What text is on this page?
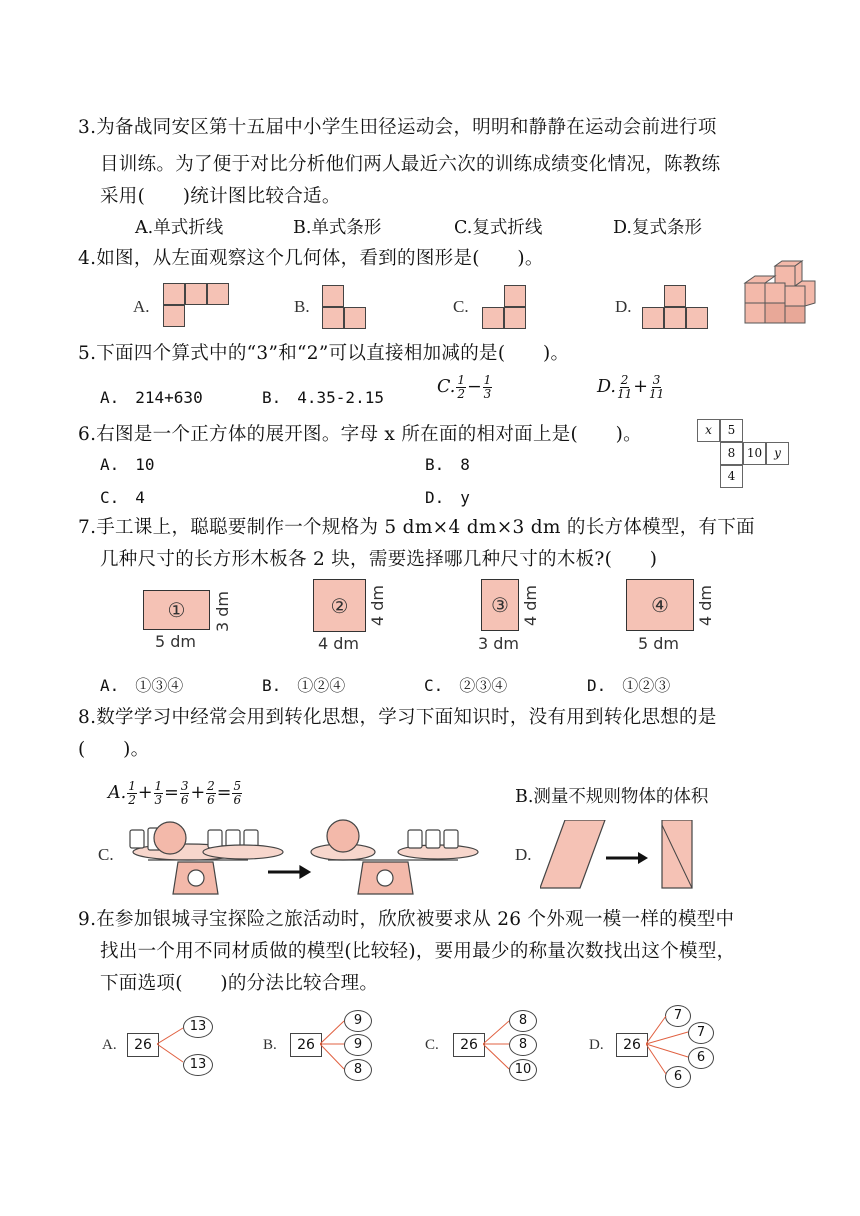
3.为备战同安区第十五届中小学生田径运动会，明明和静静在运动会前进行项
目训练。为了便于对比分析他们两人最近六次的训练成绩变化情况，陈教练
采用(　　)统计图比较合适。
A.单式折线	B.单式条形	C.复式折线	D.复式条形
4.如图，从左面观察这个几何体，看到的图形是(　　)。
A.	B.	C.	D.
5.下面四个算式中的“3”和“2”可以直接相加减的是(　　)。
A.　214+630	B.　4.35-2.15
C. $\frac{1}{2} - \frac{1}{3}$	D. $\frac{2}{11} + \frac{3}{11}$
6.右图是一个正方体的展开图。字母 x 所在面的相对面上是(　　)。
A.　10	B.　8
C.　4	D.　y
x	5
8 10 y
4
7.手工课上，聪聪要制作一个规格为 5 dm×4 dm×3 dm 的长方体模型，有下面
几种尺寸的长方形木板各 2 块，需要选择哪几种尺寸的木板?(　　)
①
5 dm
3 dm	②
4 dm
4 dm	③
3 dm
4 dm	④
5 dm
4 dm
A.　①③④	B.　①②④	C.　②③④	D.　①②③
8.数学学习中经常会用到转化思想，学习下面知识时，没有用到转化思想的是
(　　)。
A. $\frac{1}{2} + \frac{1}{3} = \frac{3}{6} + \frac{2}{6} = \frac{5}{6}$	B.测量不规则物体的体积
C.	D.
9.在参加银城寻宝探险之旅活动时，欣欣被要求从 26 个外观一模一样的模型中
找出一个用不同材质做的模型(比较轻)，要用最少的称量次数找出这个模型，
下面选项(　　)的分法比较合理。
A.	26
13
13
B.	26
9
9
8
C.	26
8
8
10
D.	26
7
7
6
6
